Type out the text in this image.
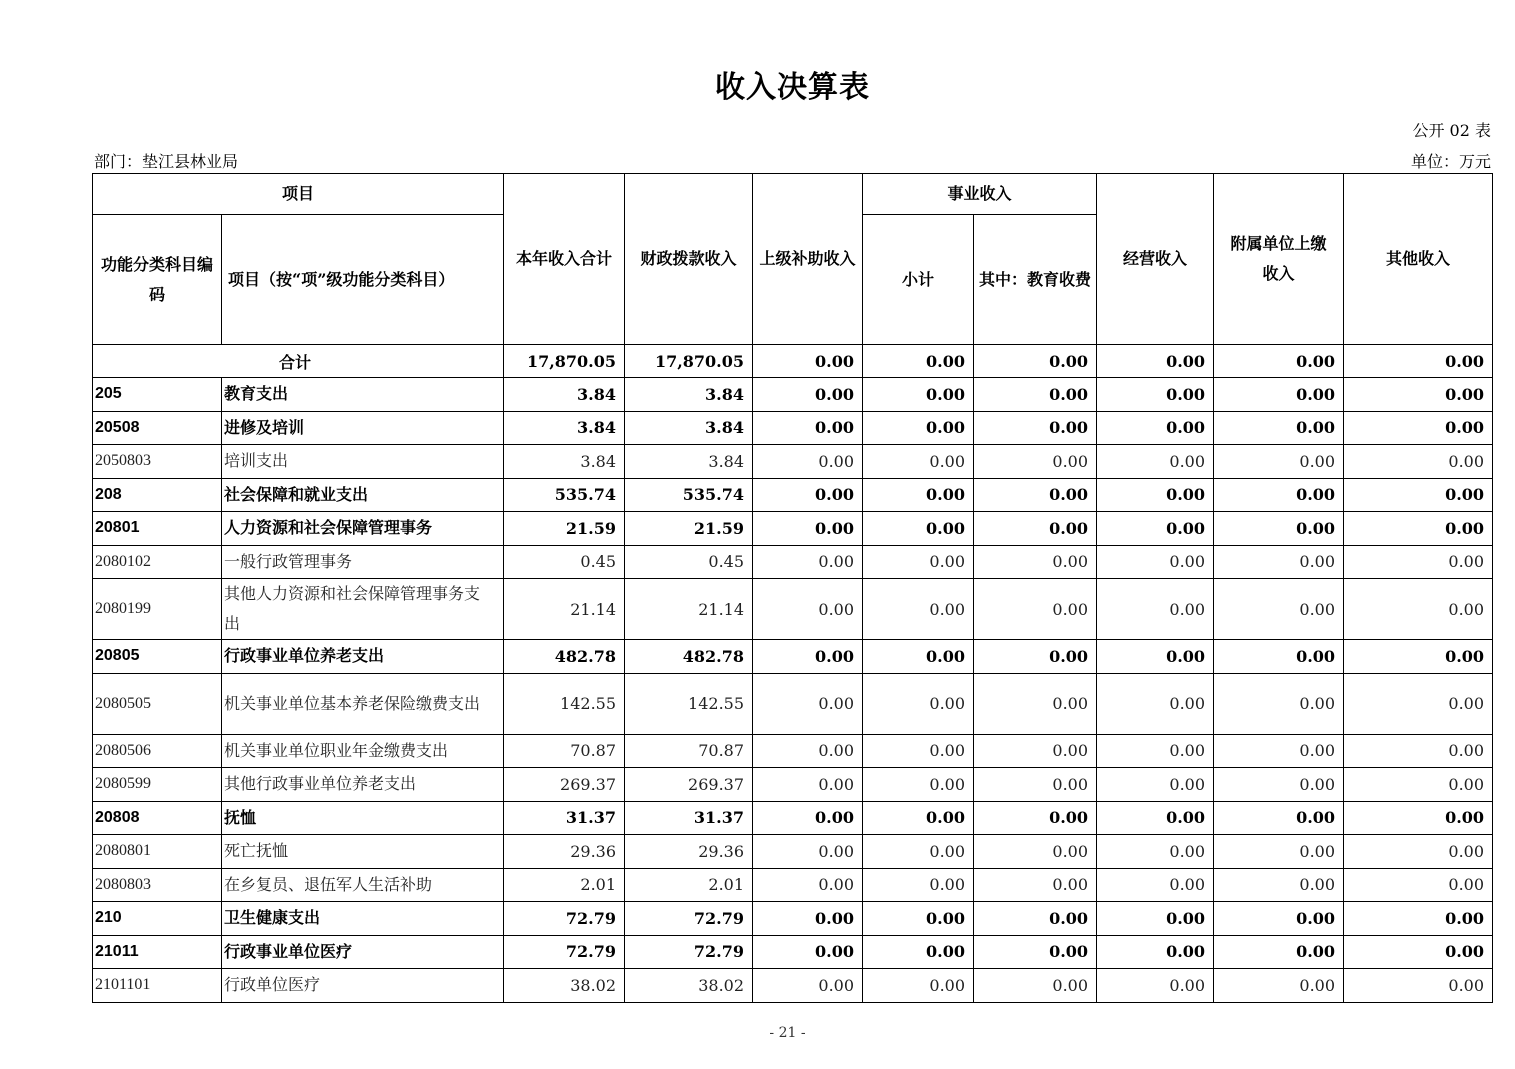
收入决算表
公开 02 表
部门：垫江县林业局	单位：万元
项目		本年收入合计	财政拨款收入	上级补助收入	事业收入		经营收入	附属单位上缴收入	其他收入
功能分类科目编码	项目（按“项”级功能分类科目）				小计	其中：教育收费			
合计		17,870.05	17,870.05	0.00	0.00	0.00	0.00	0.00	0.00
205	教育支出	3.84	3.84	0.00	0.00	0.00	0.00	0.00	0.00
20508	进修及培训	3.84	3.84	0.00	0.00	0.00	0.00	0.00	0.00
2050803	培训支出	3.84	3.84	0.00	0.00	0.00	0.00	0.00	0.00
208	社会保障和就业支出	535.74	535.74	0.00	0.00	0.00	0.00	0.00	0.00
20801	人力资源和社会保障管理事务	21.59	21.59	0.00	0.00	0.00	0.00	0.00	0.00
2080102	一般行政管理事务	0.45	0.45	0.00	0.00	0.00	0.00	0.00	0.00
2080199	其他人力资源和社会保障管理事务支出	21.14	21.14	0.00	0.00	0.00	0.00	0.00	0.00
20805	行政事业单位养老支出	482.78	482.78	0.00	0.00	0.00	0.00	0.00	0.00
2080505	机关事业单位基本养老保险缴费支出	142.55	142.55	0.00	0.00	0.00	0.00	0.00	0.00
2080506	机关事业单位职业年金缴费支出	70.87	70.87	0.00	0.00	0.00	0.00	0.00	0.00
2080599	其他行政事业单位养老支出	269.37	269.37	0.00	0.00	0.00	0.00	0.00	0.00
20808	抚恤	31.37	31.37	0.00	0.00	0.00	0.00	0.00	0.00
2080801	死亡抚恤	29.36	29.36	0.00	0.00	0.00	0.00	0.00	0.00
2080803	在乡复员、退伍军人生活补助	2.01	2.01	0.00	0.00	0.00	0.00	0.00	0.00
210	卫生健康支出	72.79	72.79	0.00	0.00	0.00	0.00	0.00	0.00
21011	行政事业单位医疗	72.79	72.79	0.00	0.00	0.00	0.00	0.00	0.00
2101101	行政单位医疗	38.02	38.02	0.00	0.00	0.00	0.00	0.00	0.00
- 21 -
